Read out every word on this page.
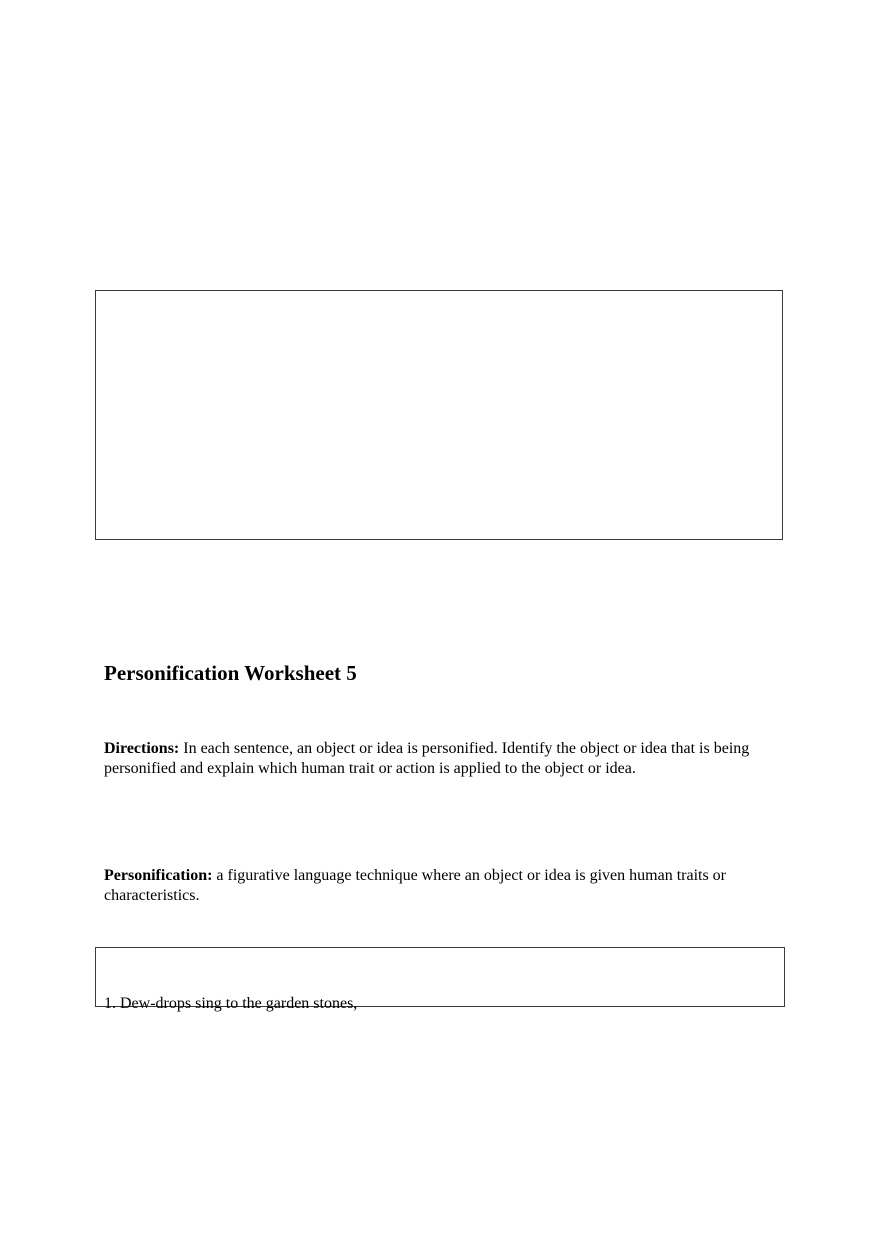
Personification Worksheet 5

Directions: In each sentence, an object or idea is personified. Identify the object or idea that is being personified and explain which human trait or action is applied to the object or idea.

Personification: a figurative language technique where an object or idea is given human traits or characteristics.

1. Dew-drops sing to the garden stones,
